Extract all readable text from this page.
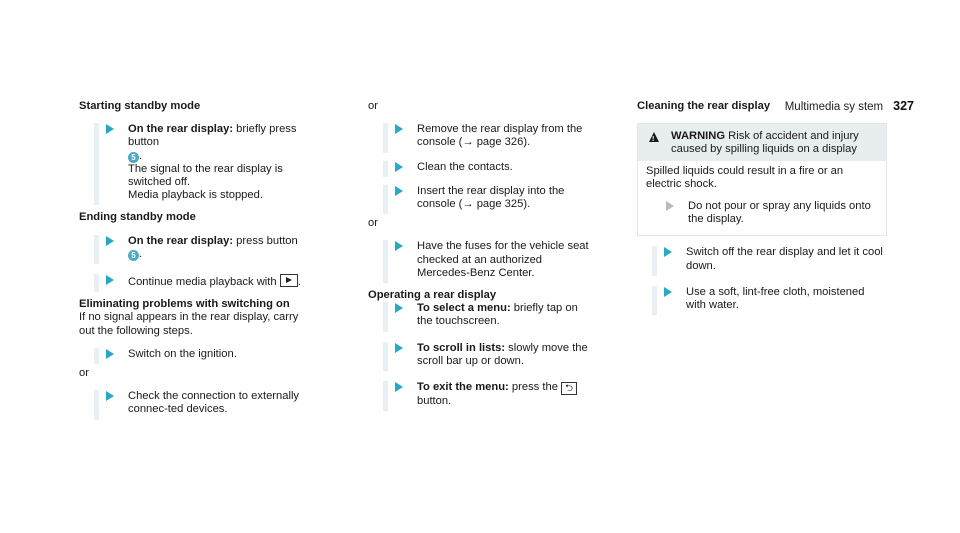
Multimedia sy stem 327
Starting standby mode
On the rear display: briefly press button
5 .
The signal to the rear display is switched off.
Media playback is stopped.
Ending standby mode
On the rear display: press button 5 .
Continue media playback with .
Eliminating problems with switching on
If no signal appears in the rear display, carry out the following steps.
Switch on the ignition.
or
Check the connection to externally connec-ted devices.
or
Remove the rear display from the console (→ page 326).
Clean the contacts.
Insert the rear display into the console (→ page 325).
or
Have the fuses for the vehicle seat checked at an authorized Mercedes-Benz Center.
Operating a rear display
To select a menu: briefly tap on the touchscreen.
To scroll in lists: slowly move the scroll bar up or down.
To exit the menu: press the ⮌ button.
Cleaning the rear display
!
WARNING Risk of accident and injury caused by spilling liquids on a display
Spilled liquids could result in a fire or an electric shock.
Do not pour or spray any liquids onto the display.
Switch off the rear display and let it cool down.
Use a soft, lint-free cloth, moistened with water.
